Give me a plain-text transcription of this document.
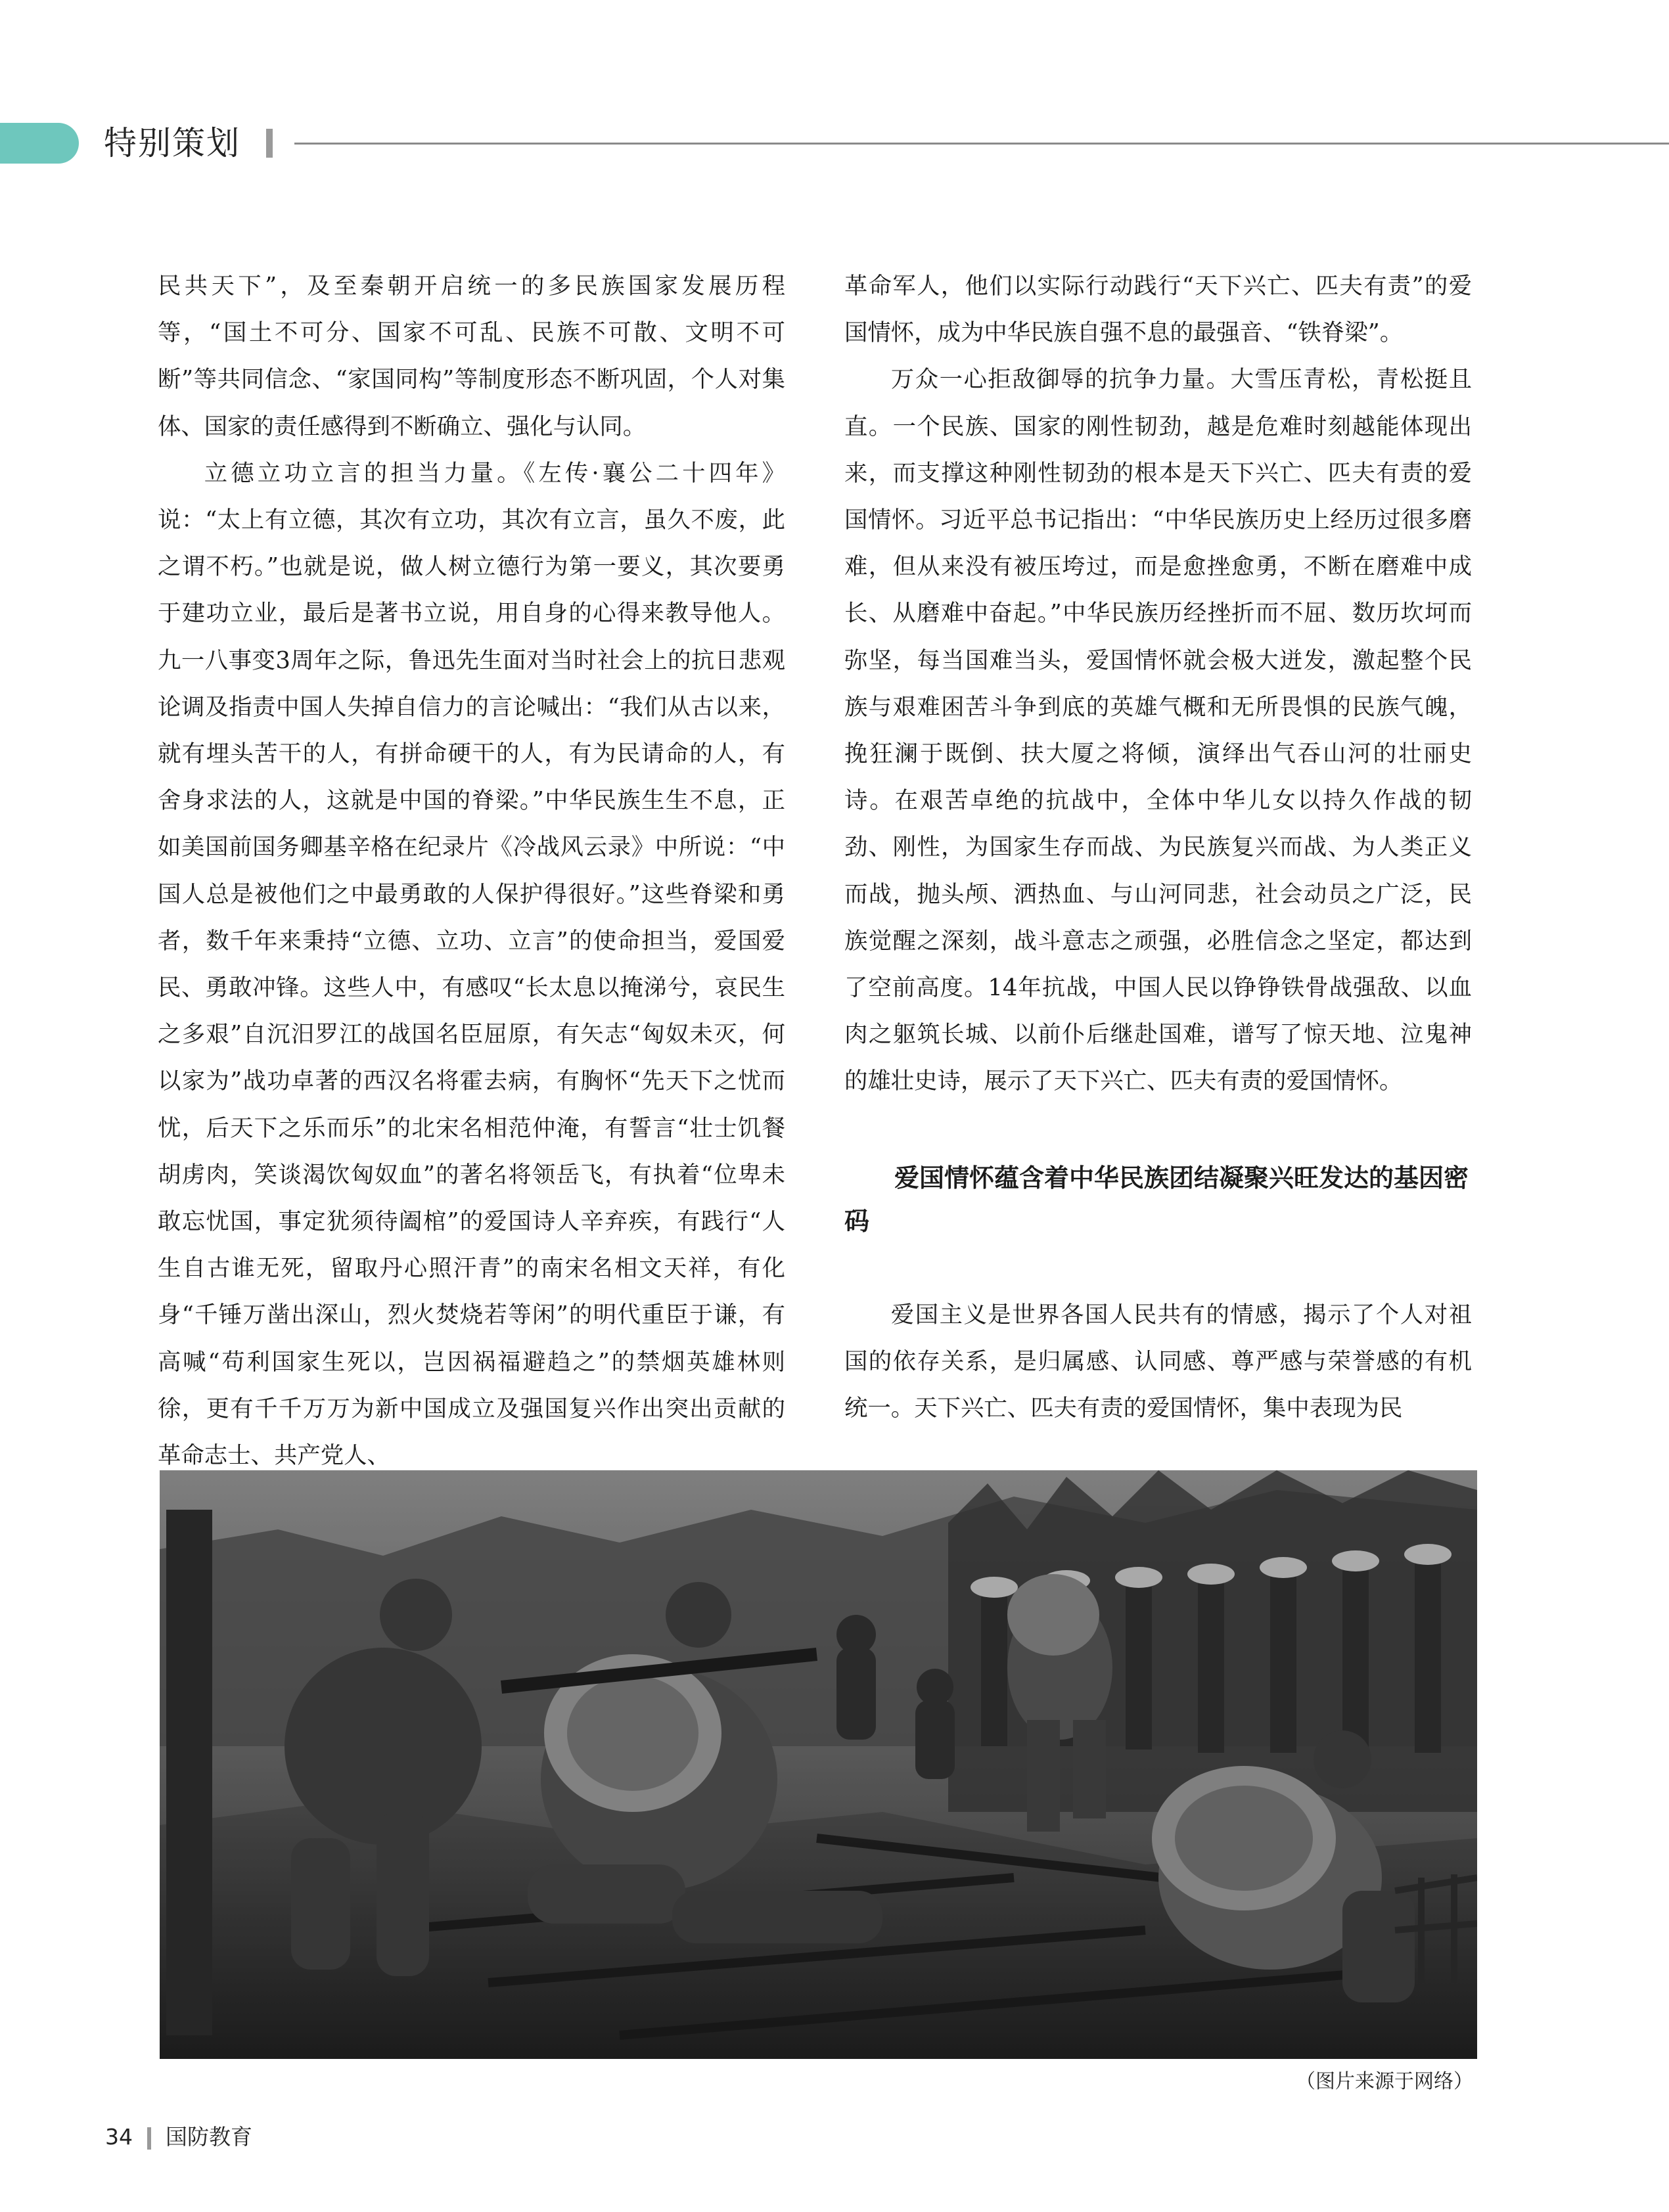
特别策划

民共天下”，及至秦朝开启统一的多民族国家发展历程等，“国土不可分、国家不可乱、民族不可散、文明不可断”等共同信念、“家国同构”等制度形态不断巩固，个人对集体、国家的责任感得到不断确立、强化与认同。

立德立功立言的担当力量。《左传·襄公二十四年》说：“太上有立德，其次有立功，其次有立言，虽久不废，此之谓不朽。”也就是说，做人树立德行为第一要义，其次要勇于建功立业，最后是著书立说，用自身的心得来教导他人。九一八事变3周年之际，鲁迅先生面对当时社会上的抗日悲观论调及指责中国人失掉自信力的言论喊出：“我们从古以来，就有埋头苦干的人，有拼命硬干的人，有为民请命的人，有舍身求法的人，这就是中国的脊梁。”中华民族生生不息，正如美国前国务卿基辛格在纪录片《冷战风云录》中所说：“中国人总是被他们之中最勇敢的人保护得很好。”这些脊梁和勇者，数千年来秉持“立德、立功、立言”的使命担当，爱国爱民、勇敢冲锋。这些人中，有感叹“长太息以掩涕兮，哀民生之多艰”自沉汨罗江的战国名臣屈原，有矢志“匈奴未灭，何以家为”战功卓著的西汉名将霍去病，有胸怀“先天下之忧而忧，后天下之乐而乐”的北宋名相范仲淹，有誓言“壮士饥餐胡虏肉，笑谈渴饮匈奴血”的著名将领岳飞，有执着“位卑未敢忘忧国，事定犹须待阖棺”的爱国诗人辛弃疾，有践行“人生自古谁无死，留取丹心照汗青”的南宋名相文天祥，有化身“千锤万凿出深山，烈火焚烧若等闲”的明代重臣于谦，有高喊“苟利国家生死以，岂因祸福避趋之”的禁烟英雄林则徐，更有千千万万为新中国成立及强国复兴作出突出贡献的革命志士、共产党人、

革命军人，他们以实际行动践行“天下兴亡、匹夫有责”的爱国情怀，成为中华民族自强不息的最强音、“铁脊梁”。

万众一心拒敌御辱的抗争力量。大雪压青松，青松挺且直。一个民族、国家的刚性韧劲，越是危难时刻越能体现出来，而支撑这种刚性韧劲的根本是天下兴亡、匹夫有责的爱国情怀。习近平总书记指出：“中华民族历史上经历过很多磨难，但从来没有被压垮过，而是愈挫愈勇，不断在磨难中成长、从磨难中奋起。”中华民族历经挫折而不屈、数历坎坷而弥坚，每当国难当头，爱国情怀就会极大迸发，激起整个民族与艰难困苦斗争到底的英雄气概和无所畏惧的民族气魄，挽狂澜于既倒、扶大厦之将倾，演绎出气吞山河的壮丽史诗。在艰苦卓绝的抗战中，全体中华儿女以持久作战的韧劲、刚性，为国家生存而战、为民族复兴而战、为人类正义而战，抛头颅、洒热血、与山河同悲，社会动员之广泛，民族觉醒之深刻，战斗意志之顽强，必胜信念之坚定，都达到了空前高度。14年抗战，中国人民以铮铮铁骨战强敌、以血肉之躯筑长城、以前仆后继赴国难，谱写了惊天地、泣鬼神的雄壮史诗，展示了天下兴亡、匹夫有责的爱国情怀。

爱国情怀蕴含着中华民族团结凝聚兴旺发达的基因密码

爱国主义是世界各国人民共有的情感，揭示了个人对祖国的依存关系，是归属感、认同感、尊严感与荣誉感的有机统一。天下兴亡、匹夫有责的爱国情怀，集中表现为民

（图片来源于网络）
34 国防教育
